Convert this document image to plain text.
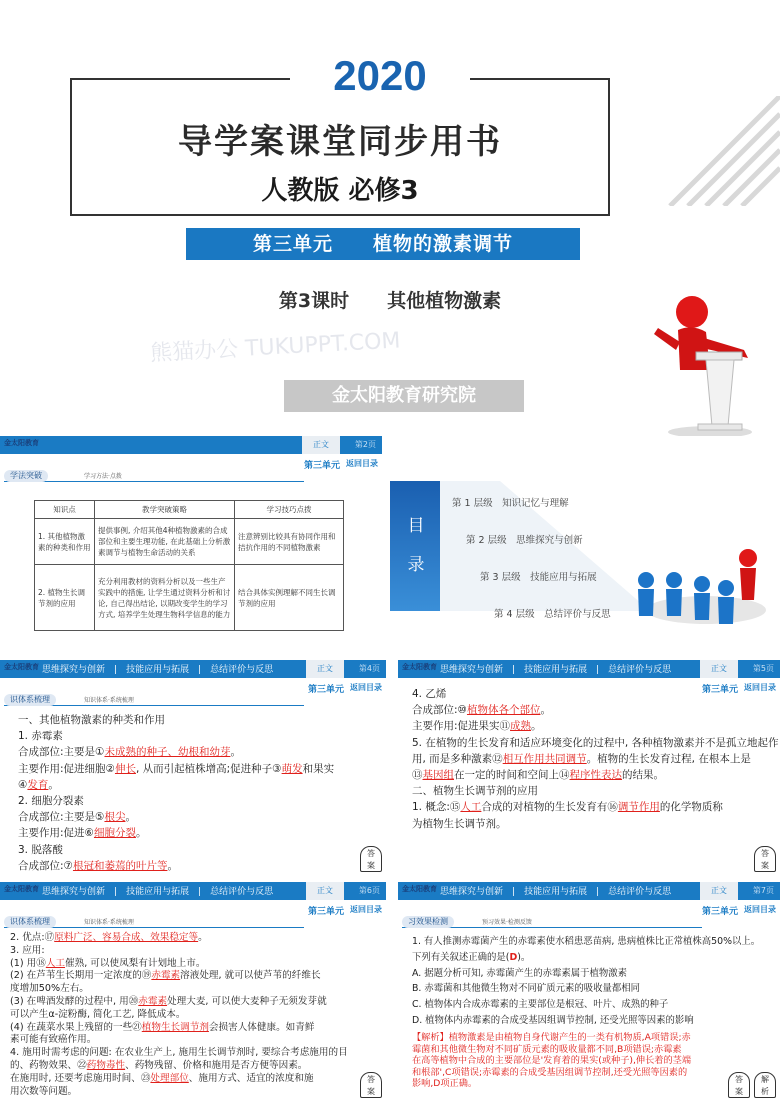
2020
导学案课堂同步用书
人教版 必修3
第三单元　　植物的激素调节
第3课时　　其他植物激素
熊猫办公 TUKUPPT.COM
金太阳教育研究院
正文	第2页
金太阳教育
第三单元 返回目录
学法突破	学习方法·点拨
知识点	教学突破策略	学习技巧点拨
1. 其他植物激素的种类和作用	提供事例, 介绍其他4种植物激素的合成部位和主要生理功能, 在此基础上分析激素调节与植物生命活动的关系	注意辨别比较具有协同作用和拮抗作用的不同植物激素
2. 植物生长调节剂的应用	充分利用教材的资料分析以及一些生产实践中的措施, 让学生通过资料分析和讨论, 自己得出结论, 以期改变学生的学习方式, 培养学生处理生物科学信息的能力	结合具体实例理解不同生长调节剂的应用
目
录
第 1 层级　知识记忆与理解
第 2 层级　思维探究与创新
第 3 层级　技能应用与拓展
第 4 层级　总结评价与反思
思维探究与创新　|　技能应用与拓展　|　总结评价与反思	正文	第4页
金太阳教育
第三单元 返回目录
识体系梳理	知识体系·系统梳理

一、其他植物激素的种类和作用

1. 赤霉素

合成部位:主要是①未成熟的种子、幼根和幼芽。

主要作用:促进细胞②伸长, 从而引起植株增高;促进种子③萌发和果实

④发育。

2. 细胞分裂素

合成部位:主要是⑤根尖。

主要作用:促进⑥细胞分裂。

3. 脱落酸

合成部位:⑦根冠和萎蔫的叶片等。

答
案
思维探究与创新　|　技能应用与拓展　|　总结评价与反思	正文	第5页
金太阳教育
第三单元 返回目录

4. 乙烯

合成部位:⑩植物体各个部位。

主要作用:促进果实⑪成熟。

5. 在植物的生长发育和适应环境变化的过程中, 各种植物激素并不是孤立地起作

用, 而是多种激素⑫相互作用共同调节。植物的生长发育过程, 在根本上是

⑬基因组在一定的时间和空间上⑭程序性表达的结果。

二、植物生长调节剂的应用

1. 概念:⑮人工合成的对植物的生长发育有⑯调节作用的化学物质称

为植物生长调节剂。

答
案
思维探究与创新　|　技能应用与拓展　|　总结评价与反思	正文	第6页
金太阳教育
第三单元 返回目录
识体系梳理	知识体系·系统梳理

2. 优点:⑰原料广泛、容易合成、效果稳定等。

3. 应用:

(1) 用⑱人工催熟, 可以使凤梨有计划地上市。

(2) 在芦苇生长期用一定浓度的⑲赤霉素溶液处理, 就可以使芦苇的纤维长

度增加50%左右。

(3) 在啤酒发酵的过程中, 用⑳赤霉素处理大麦, 可以使大麦种子无须发芽就

可以产生α-淀粉酶, 简化工艺, 降低成本。

(4) 在蔬菜水果上残留的一些㉑植物生长调节剂会损害人体健康。如青鲜

素可能有致癌作用。

4. 施用时需考虑的问题: 在农业生产上, 施用生长调节剂时, 要综合考虑施用的目

的、药物效果、㉒药物毒性、药物残留、价格和施用是否方便等因素。

在施用时, 还要考虑施用时间、㉓处理部位、施用方式、适宜的浓度和施

用次数等问题。

答
案
思维探究与创新　|　技能应用与拓展　|　总结评价与反思	正文	第7页
金太阳教育
第三单元 返回目录
习效果检测	预习效果·检测反馈

1. 有人推测赤霉菌产生的赤霉素使水稻患恶苗病, 患病植株比正常植株高50%以上。

下列有关叙述正确的是(D)。

A. 据题分析可知, 赤霉菌产生的赤霉素属于植物激素

B. 赤霉菌和其他微生物对不同矿质元素的吸收量都相同

C. 植物体内合成赤霉素的主要部位是根冠、叶片、成熟的种子

D. 植物体内赤霉素的合成受基因组调节控制, 还受光照等因素的影响

【解析】植物激素是由植物自身代谢产生的一类有机物质,A项错误;赤

霉菌和其他微生物对不同矿质元素的吸收量都不同,B项错误;赤霉素

在高等植物中合成的主要部位是'发育着的果实(或种子),伸长着的茎端

和根部',C项错误;赤霉素的合成受基因组调节控制,还受光照等因素的

影响,D项正确。	答
案
解
析
